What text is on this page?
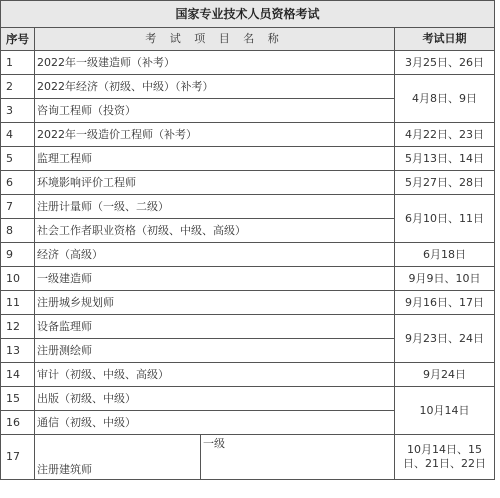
国家专业技术人员资格考试			
序号	考 试 项 目 名 称		考试日期
1	2022年一级建造师（补考）		3月25日、26日
2	2022年经济（初级、中级）（补考）		4月8日、9日
3	咨询工程师（投资）		
4	2022年一级造价工程师（补考）		4月22日、23日
5	监理工程师		5月13日、14日
6	环境影响评价工程师		5月27日、28日
7	注册计量师（一级、二级）		6月10日、11日
8	社会工作者职业资格（初级、中级、高级）		
9	经济（高级）		6月18日
10	一级建造师		9月9日、10日
11	注册城乡规划师		9月16日、17日
12	设备监理师		9月23日、24日
13	注册测绘师		
14	审计（初级、中级、高级）		9月24日
15	出版（初级、中级）		10月14日
16	通信（初级、中级）		
17	注册建筑师	一级	10月14日、15日、21日、22日
